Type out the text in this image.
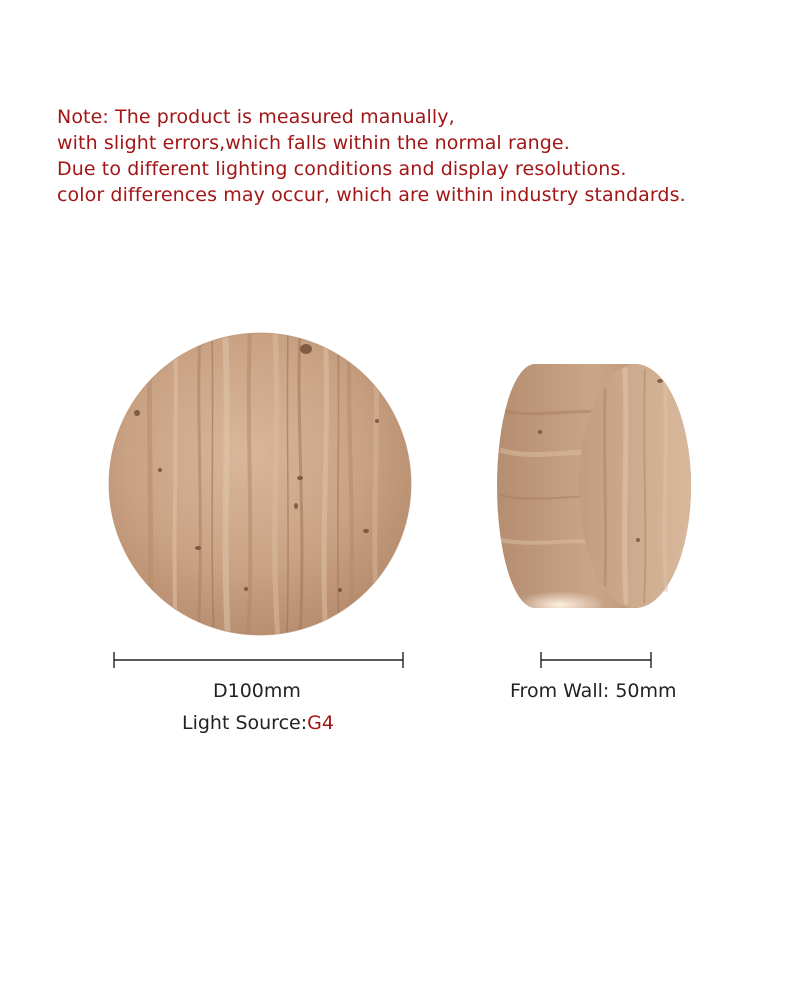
Note: The product is measured manually,
with slight errors,which falls within the normal range.
Due to different lighting conditions and display resolutions.
color differences may occur, which are within industry standards.
D100mm
Light Source:G4
From Wall: 50mm
